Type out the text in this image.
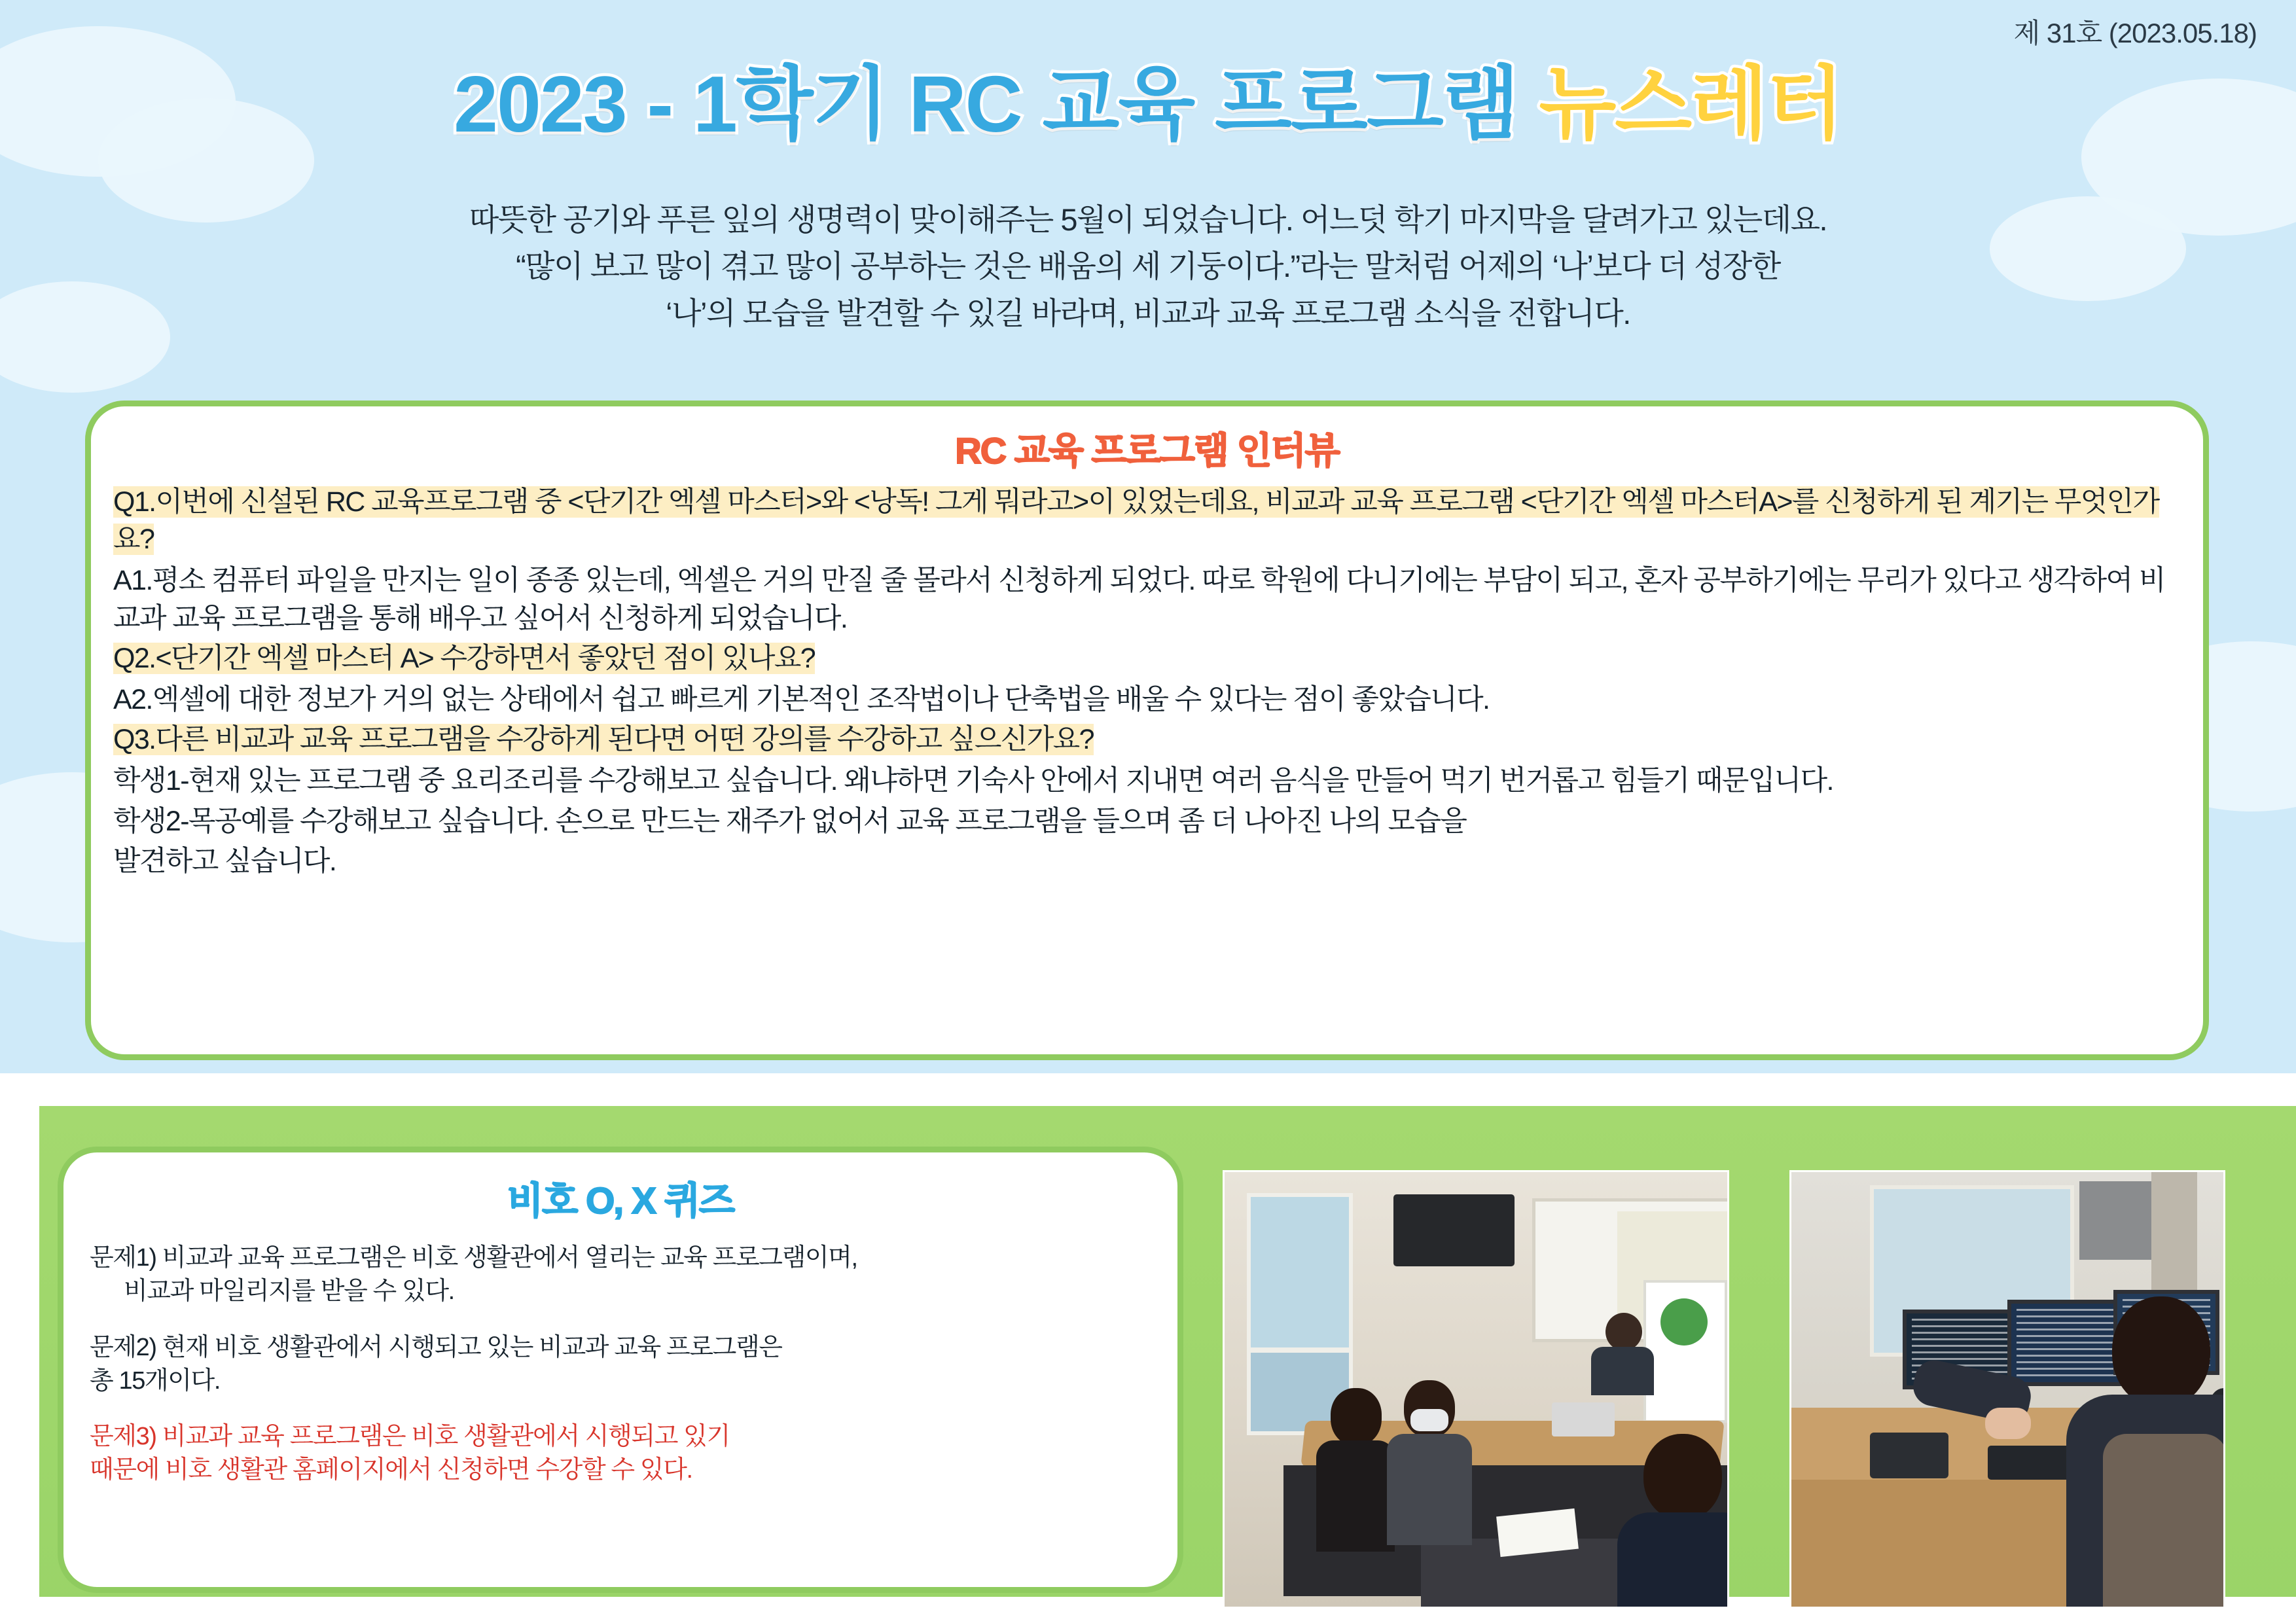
제 31호 (2023.05.18)
2023 - 1학기 RC 교육 프로그램 뉴스레터
따뜻한 공기와 푸른 잎의 생명력이 맞이해주는 5월이 되었습니다. 어느덧 학기 마지막을 달려가고 있는데요.
“많이 보고 많이 겪고 많이 공부하는 것은 배움의 세 기둥이다.”라는 말처럼 어제의 ‘나’보다 더 성장한
‘나’의 모습을 발견할 수 있길 바라며, 비교과 교육 프로그램 소식을 전합니다.
RC 교육 프로그램 인터뷰
Q1.이번에 신설된 RC 교육프로그램 중 <단기간 엑셀 마스터>와 <낭독! 그게 뭐라고>이 있었는데요, 비교과 교육 프로그램 <단기간 엑셀 마스터A>를 신청하게 된 계기는 무엇인가요?
A1.평소 컴퓨터 파일을 만지는 일이 종종 있는데, 엑셀은 거의 만질 줄 몰라서 신청하게 되었다. 따로 학원에 다니기에는 부담이 되고, 혼자 공부하기에는 무리가 있다고 생각하여 비교과 교육 프로그램을 통해 배우고 싶어서 신청하게 되었습니다.
Q2.<단기간 엑셀 마스터 A> 수강하면서 좋았던 점이 있나요?
A2.엑셀에 대한 정보가 거의 없는 상태에서 쉽고 빠르게 기본적인 조작법이나 단축법을 배울 수 있다는 점이 좋았습니다.
Q3.다른 비교과 교육 프로그램을 수강하게 된다면 어떤 강의를 수강하고 싶으신가요?
학생1-현재 있는 프로그램 중 요리조리를 수강해보고 싶습니다. 왜냐하면 기숙사 안에서 지내면 여러 음식을 만들어 먹기 번거롭고 힘들기 때문입니다.
학생2-목공예를 수강해보고 싶습니다. 손으로 만드는 재주가 없어서 교육 프로그램을 들으며 좀 더 나아진 나의 모습을
발견하고 싶습니다.
비호 O, X 퀴즈
문제1) 비교과 교육 프로그램은 비호 생활관에서 열리는 교육 프로그램이며,
비교과 마일리지를 받을 수 있다.
문제2) 현재 비호 생활관에서 시행되고 있는 비교과 교육 프로그램은
총 15개이다.
문제3) 비교과 교육 프로그램은 비호 생활관에서 시행되고 있기
때문에 비호 생활관 홈페이지에서 신청하면 수강할 수 있다.
